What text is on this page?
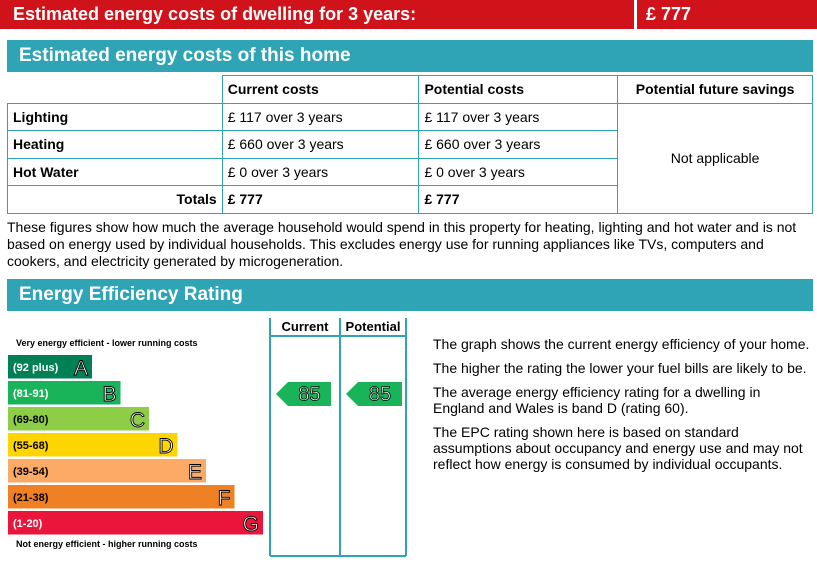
Estimated energy costs of dwelling for 3 years:	£ 777
Estimated energy costs of this home
	Current costs	Potential costs	Potential future savings
Lighting	£ 117 over 3 years	£ 117 over 3 years	Not applicable
Heating	£ 660 over 3 years	£ 660 over 3 years	
Hot Water	£ 0 over 3 years	£ 0 over 3 years	
Totals	£ 777	£ 777	
These figures show how much the average household would spend in this property for heating, lighting and hot water and is not based on energy used by individual households. This excludes energy use for running appliances like TVs, computers and cookers, and electricity generated by microgeneration.
Energy Efficiency Rating
Current Potential
Very energy efficient - lower running costs
Not energy efficient - higher running costs
(92 plus) A
(81-91)	B
(69-80)	C
(55-68)	D
(39-54)	E
(21-38)	F
(1-20)	G
85 85

The graph shows the current energy efficiency of your home.

The higher the rating the lower your fuel bills are likely to be.

The average energy efficiency rating for a dwelling in England and Wales is band D (rating 60).

The EPC rating shown here is based on standard assumptions about occupancy and energy use and may not reflect how energy is consumed by individual occupants.
